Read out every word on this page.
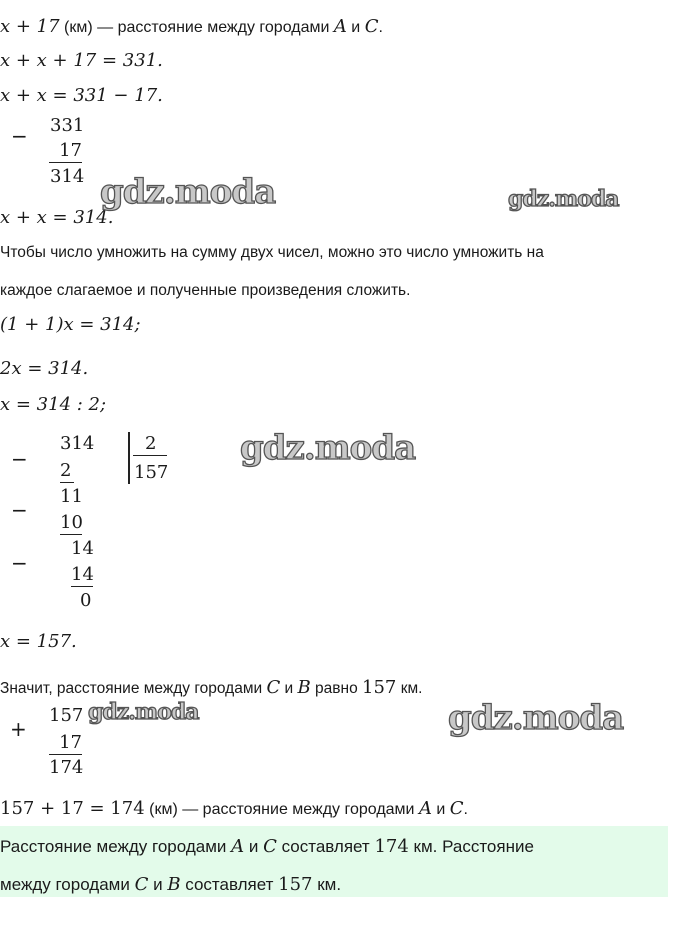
x + 17 (км) — расстояние между городами A и C.
x + x + 17 = 331.
x + x = 331 − 17.
− 331
17
314
x + x = 314.
Чтобы число умножить на сумму двух чисел, можно это число умножить на
каждое слагаемое и полученные произведения сложить.
(1 + 1)x = 314;
2x = 314.
x = 314 : 2;
−
314
2
2
157
−
11
10
−
14
14
0
x = 157.
Значит, расстояние между городами C и B равно 157 км.
+
157
17
174
157 + 17 = 174 (км) — расстояние между городами A и C.
Расстояние между городами A и C составляет 174 км. Расстояние
между городами C и B составляет 157 км.
gdz.moda	gdz.moda
gdz.moda
gdz.moda	gdz.moda
